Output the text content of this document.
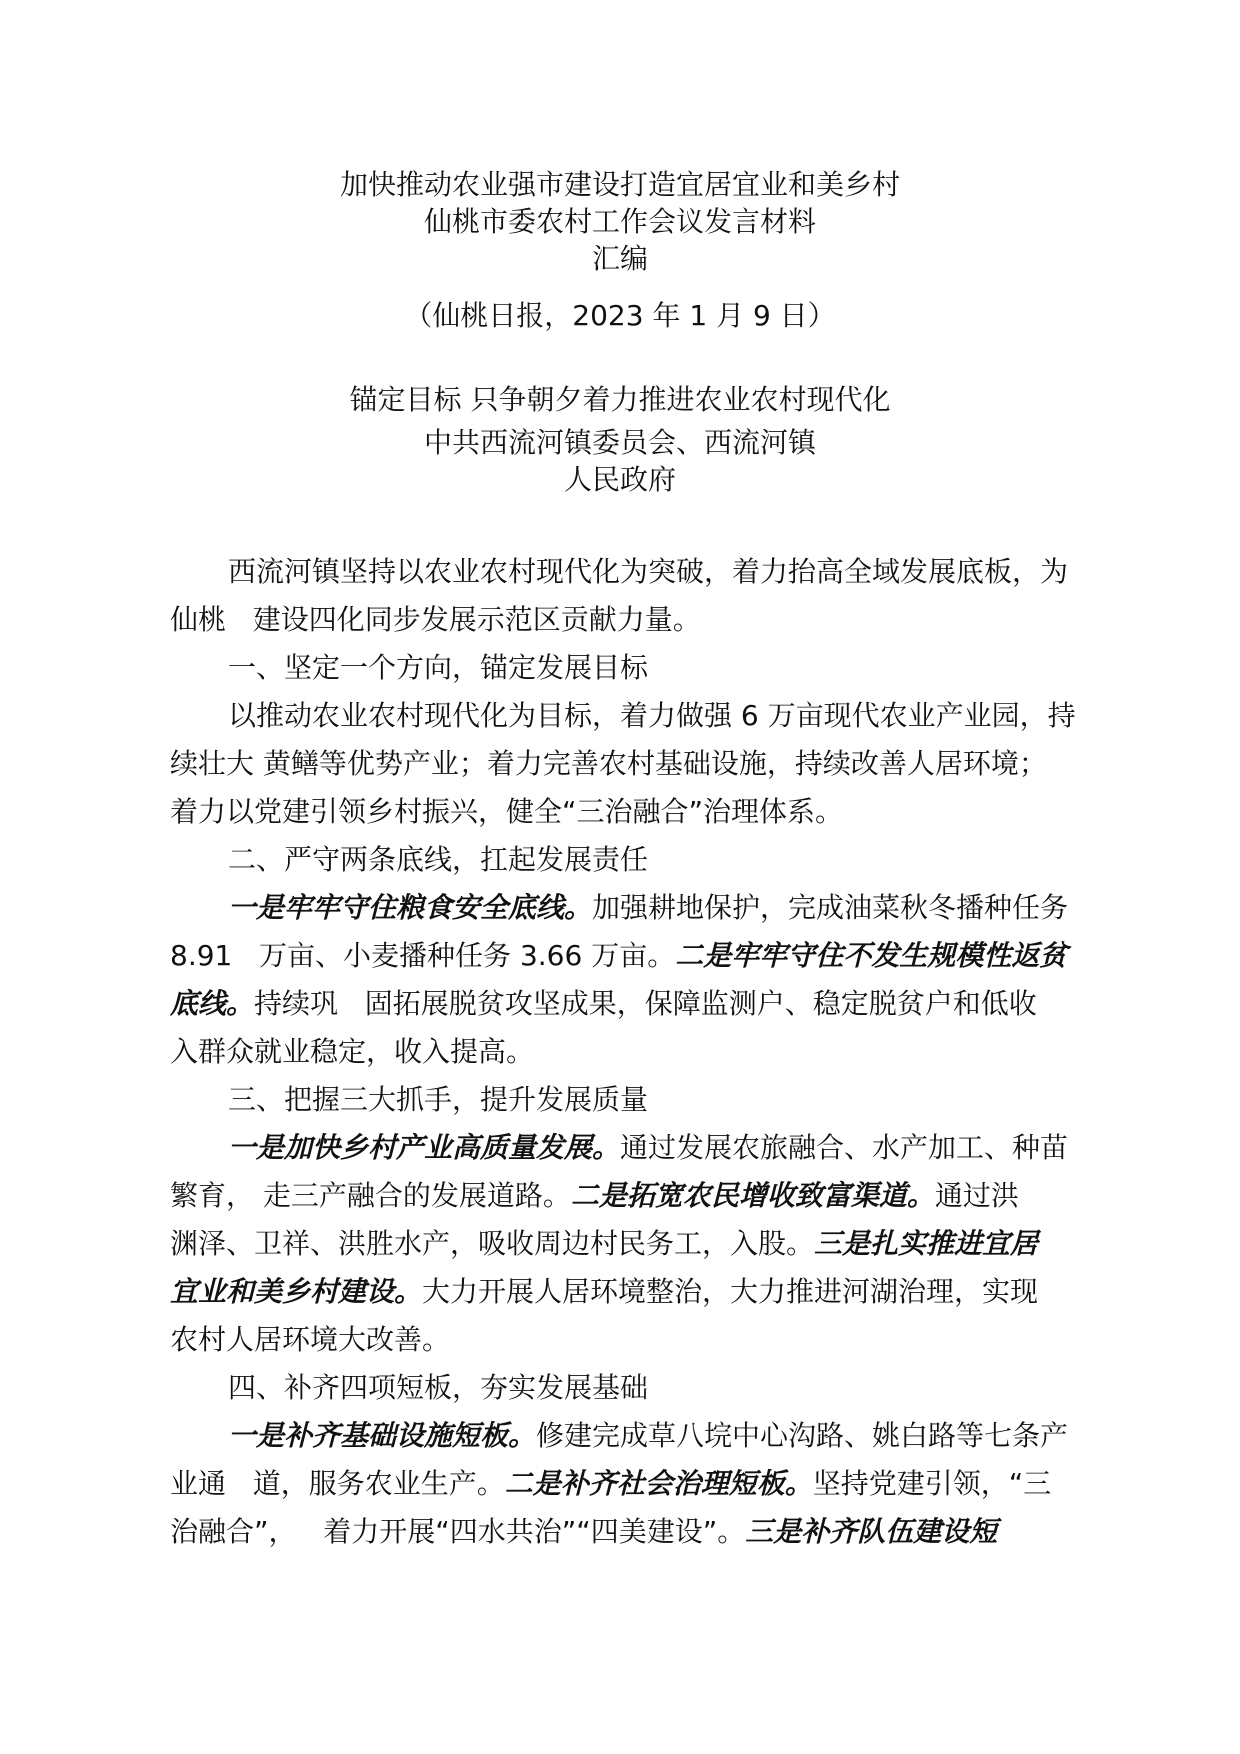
加快推动农业强市建设打造宜居宜业和美乡村
仙桃市委农村工作会议发言材料
汇编
（仙桃日报，2023 年 1 月 9 日）
锚定目标 只争朝夕着力推进农业农村现代化
中共西流河镇委员会、西流河镇
人民政府
西流河镇坚持以农业农村现代化为突破，着力抬高全域发展底板，为
仙桃   建设四化同步发展示范区贡献力量。
一、坚定一个方向，锚定发展目标
以推动农业农村现代化为目标，着力做强 6 万亩现代农业产业园，持
续壮大 黄鳝等优势产业；着力完善农村基础设施，持续改善人居环境；
着力以党建引领乡村振兴，健全“三治融合”治理体系。
二、严守两条底线，扛起发展责任
一是牢牢守住粮食安全底线。加强耕地保护，完成油菜秋冬播种任务
8.91   万亩、小麦播种任务 3.66 万亩。二是牢牢守住不发生规模性返贫
底线。持续巩   固拓展脱贫攻坚成果，保障监测户、稳定脱贫户和低收
入群众就业稳定，收入提高。
三、把握三大抓手，提升发展质量
一是加快乡村产业高质量发展。通过发展农旅融合、水产加工、种苗
繁育， 走三产融合的发展道路。二是拓宽农民增收致富渠道。通过洪
渊泽、卫祥、洪胜水产，吸收周边村民务工，入股。三是扎实推进宜居
宜业和美乡村建设。大力开展人居环境整治，大力推进河湖治理，实现
农村人居环境大改善。
四、补齐四项短板，夯实发展基础
一是补齐基础设施短板。修建完成草八垸中心沟路、姚白路等七条产
业通   道，服务农业生产。二是补齐社会治理短板。坚持党建引领，“三
治融合”，   着力开展“四水共治”“四美建设”。三是补齐队伍建设短
